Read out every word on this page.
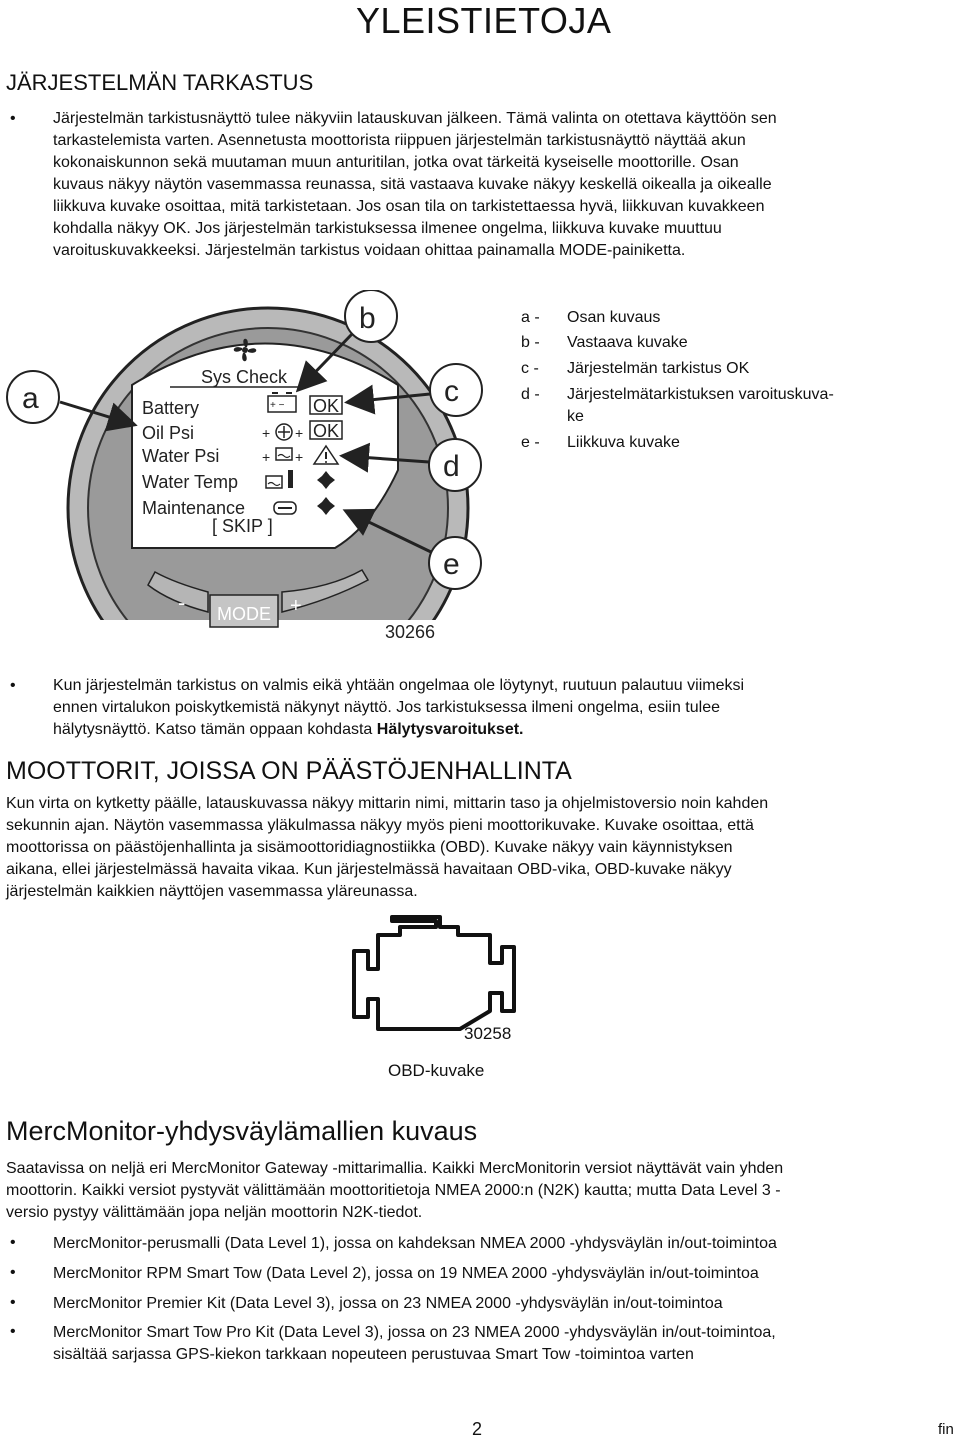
YLEISTIETOJA
JÄRJESTELMÄN TARKASTUS
• Järjestelmän tarkistusnäyttö tulee näkyviin latauskuvan jälkeen. Tämä valinta on otettava käyttöön sen
tarkastelemista varten. Asennetusta moottorista riippuen järjestelmän tarkistusnäyttö näyttää akun
kokonaiskunnon sekä muutaman muun anturitilan, jotka ovat tärkeitä kyseiselle moottorille. Osan
kuvaus näkyy näytön vasemmassa reunassa, sitä vastaava kuvake näkyy keskellä oikealla ja oikealle
liikkuva kuvake osoittaa, mitä tarkistetaan. Jos osan tila on tarkistettaessa hyvä, liikkuvan kuvakkeen
kohdalla näkyy OK. Jos järjestelmän tarkistuksessa ilmenee ongelma, liikkuva kuvake muuttuu
varoituskuvakkeeksi. Järjestelmän tarkistus voidaan ohittaa painamalla MODE-painiketta.
Sys Check
Battery
Oil Psi
Water Psi
Water Temp
Maintenance
+ −
+ +
+ +
OK
OK
[ SKIP ]
- MODE +
30266
a
b
c
d
e
a -	Osan kuvaus
b -	Vastaava kuvake
c -	Järjestelmän tarkistus OK
d -	Järjestelmätarkistuksen varoituskuva-
ke
e -	Liikkuva kuvake
• Kun järjestelmän tarkistus on valmis eikä yhtään ongelmaa ole löytynyt, ruutuun palautuu viimeksi
ennen virtalukon poiskytkemistä näkynyt näyttö. Jos tarkistuksessa ilmeni ongelma, esiin tulee
hälytysnäyttö. Katso tämän oppaan kohdasta Hälytysvaroitukset.
MOOTTORIT, JOISSA ON PÄÄSTÖJENHALLINTA
Kun virta on kytketty päälle, latauskuvassa näkyy mittarin nimi, mittarin taso ja ohjelmistoversio noin kahden
sekunnin ajan. Näytön vasemmassa yläkulmassa näkyy myös pieni moottorikuvake. Kuvake osoittaa, että
moottorissa on päästöjenhallinta ja sisämoottoridiagnostiikka (OBD). Kuvake näkyy vain käynnistyksen
aikana, ellei järjestelmässä havaita vikaa. Kun järjestelmässä havaitaan OBD-vika, OBD-kuvake näkyy
järjestelmän kaikkien näyttöjen vasemmassa yläreunassa.
30258
OBD-kuvake
MercMonitor-yhdysväylämallien kuvaus
Saatavissa on neljä eri MercMonitor Gateway -mittarimallia. Kaikki MercMonitorin versiot näyttävät vain yhden
moottorin. Kaikki versiot pystyvät välittämään moottoritietoja NMEA 2000:n (N2K) kautta; mutta Data Level 3 -
versio pystyy välittämään jopa neljän moottorin N2K-tiedot.
• MercMonitor-perusmalli (Data Level 1), jossa on kahdeksan NMEA 2000 -yhdysväylän in/out-toimintoa
• MercMonitor RPM Smart Tow (Data Level 2), jossa on 19 NMEA 2000 -yhdysväylän in/out-toimintoa
• MercMonitor Premier Kit (Data Level 3), jossa on 23 NMEA 2000 -yhdysväylän in/out-toimintoa
• MercMonitor Smart Tow Pro Kit (Data Level 3), jossa on 23 NMEA 2000 -yhdysväylän in/out-toimintoa,
sisältää sarjassa GPS-kiekon tarkkaan nopeuteen perustuvaa Smart Tow -toimintoa varten
2	fin
